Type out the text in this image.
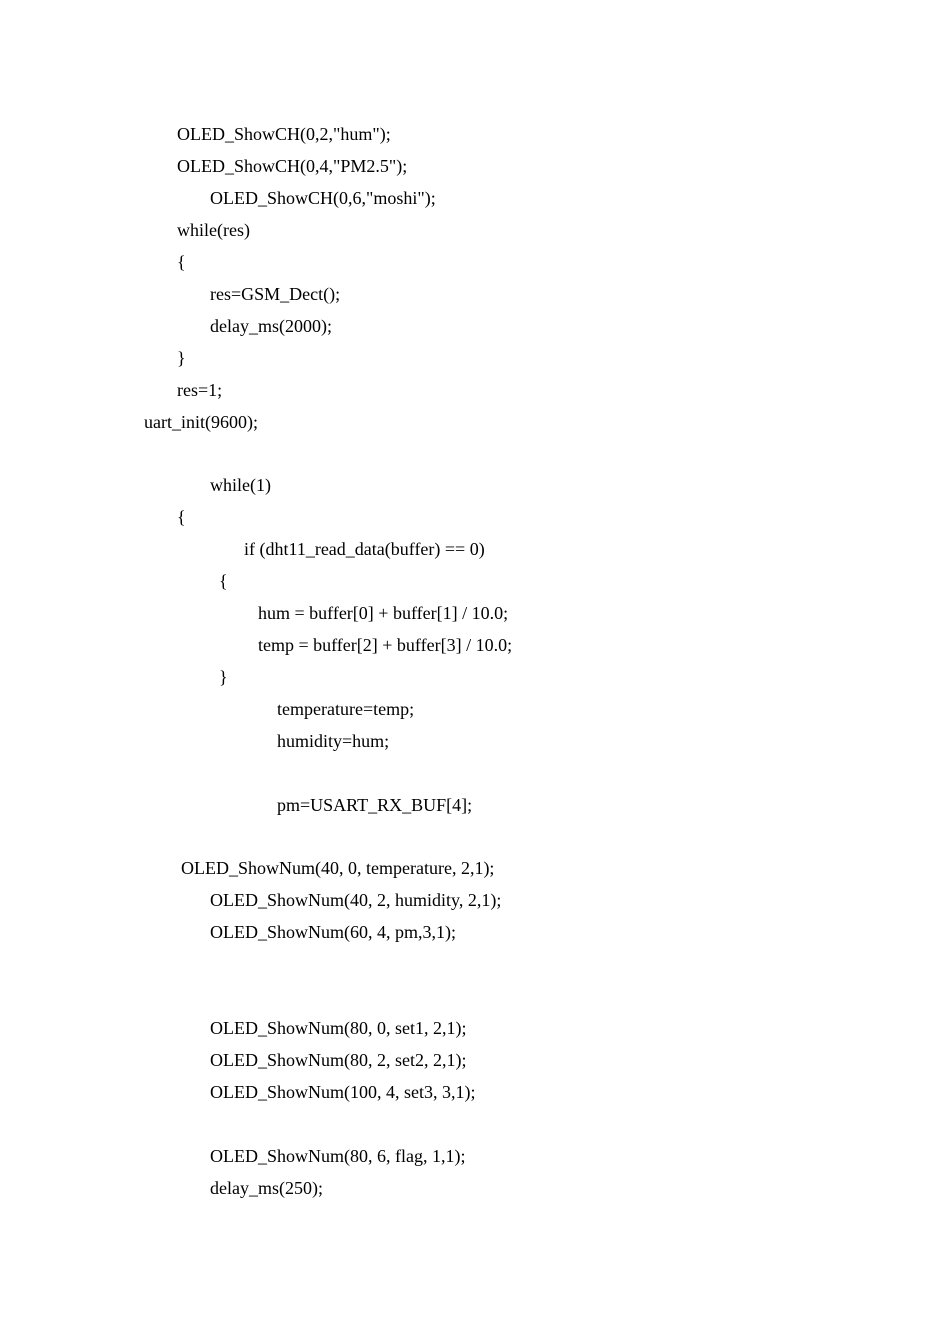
OLED_ShowCH(0,2,"hum");
OLED_ShowCH(0,4,"PM2.5");
OLED_ShowCH(0,6,"moshi");
while(res)
{
res=GSM_Dect();
delay_ms(2000);
}
res=1;
uart_init(9600);
while(1)
{
if (dht11_read_data(buffer) == 0)
{
hum = buffer[0] + buffer[1] / 10.0;
temp = buffer[2] + buffer[3] / 10.0;
}
temperature=temp;
humidity=hum;
pm=USART_RX_BUF[4];
OLED_ShowNum(40, 0, temperature, 2,1);
OLED_ShowNum(40, 2, humidity, 2,1);
OLED_ShowNum(60, 4, pm,3,1);
OLED_ShowNum(80, 0, set1, 2,1);
OLED_ShowNum(80, 2, set2, 2,1);
OLED_ShowNum(100, 4, set3, 3,1);
OLED_ShowNum(80, 6, flag, 1,1);
delay_ms(250);
